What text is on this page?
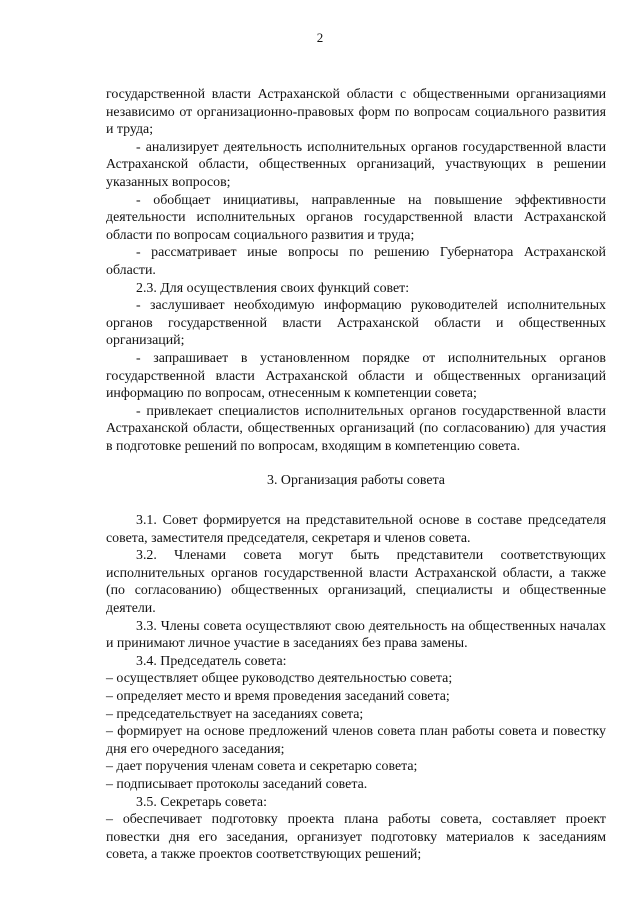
2

государственной власти Астраханской области с общественными организациями независимо от организационно-правовых форм по вопросам социального развития и труда;

- анализирует деятельность исполнительных органов государственной власти Астраханской области, общественных организаций, участвующих в решении указанных вопросов;

- обобщает инициативы, направленные на повышение эффективности деятельности исполнительных органов государственной власти Астраханской области по вопросам социального развития и труда;

- рассматривает иные вопросы по решению Губернатора Астраханской области.

2.3. Для осуществления своих функций совет:

- заслушивает необходимую информацию руководителей исполнительных органов государственной власти Астраханской области и общественных организаций;

- запрашивает в установленном порядке от исполнительных органов государственной власти Астраханской области и общественных организаций информацию по вопросам, отнесенным к компетенции совета;

- привлекает специалистов исполнительных органов государственной власти Астраханской области, общественных организаций (по согласованию) для участия в подготовке решений по вопросам, входящим в компетенцию совета.

3. Организация работы совета

3.1. Совет формируется на представительной основе в составе председателя совета, заместителя председателя, секретаря и членов совета.

3.2. Членами совета могут быть представители соответствующих исполнительных органов государственной власти Астраханской области, а также (по согласованию) общественных организаций, специалисты и общественные деятели.

3.3. Члены совета осуществляют свою деятельность на общественных началах и принимают личное участие в заседаниях без права замены.

3.4. Председатель совета:

– осуществляет общее руководство деятельностью совета;

– определяет место и время проведения заседаний совета;

– председательствует на заседаниях совета;

– формирует на основе предложений членов совета план работы совета и повестку дня его очередного заседания;

– дает поручения членам совета и секретарю совета;

– подписывает протоколы заседаний совета.

3.5. Секретарь совета:

– обеспечивает подготовку проекта плана работы совета, составляет проект повестки дня его заседания, организует подготовку материалов к заседаниям совета, а также проектов соответствующих решений;
